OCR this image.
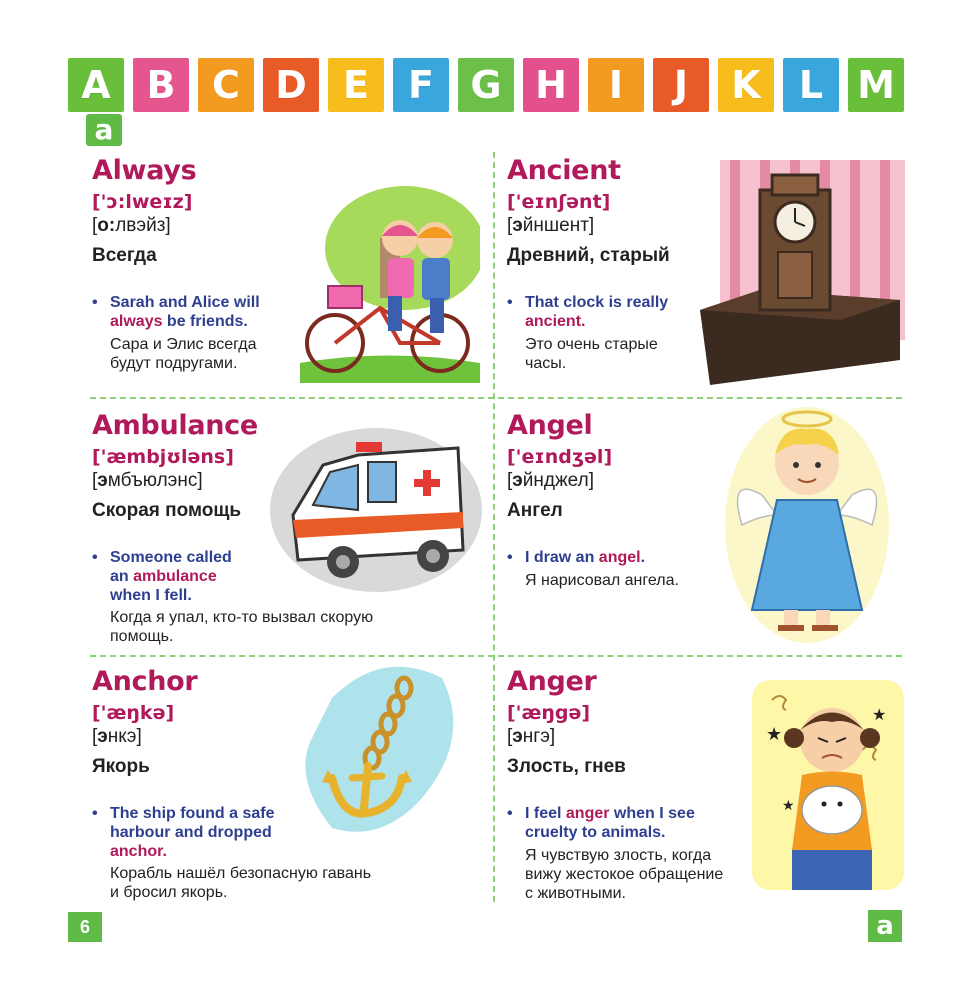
A B C D E	F G H	I	J	K	L M
a
Always
['ɔ:lweɪz]
[о:лвэйз]
Всегда
• Sarah and Alice will
always be friends.
Сара и Элис всегда
будут подругами.
Ancient
['eɪnʃənt]
[эйншент]
Древний, старый
• That clock is really
ancient.
Это очень старые
часы.
Ambulance
['æmbjʊləns]
[эмбъюлэнс]
Скорая помощь
• Someone called
an ambulance
when I fell.
Когда я упал, кто-то вызвал скорую
помощь.
Angel
['eɪndʒəl]
[эйнджел]
Ангел
• I draw an angel.
Я нарисовал ангела.
Anchor
['æŋkə]
[энкэ]
Якорь
• The ship found a safe
harbour and dropped
anchor.
Корабль нашёл безопасную гавань
и бросил якорь.
Anger
['æŋgə]
[энгэ]
Злость, гнев
• I feel anger when I see
cruelty to animals.
Я чувствую злость, когда
вижу жестокое обращение
с животными.
★
★
★
6	a
